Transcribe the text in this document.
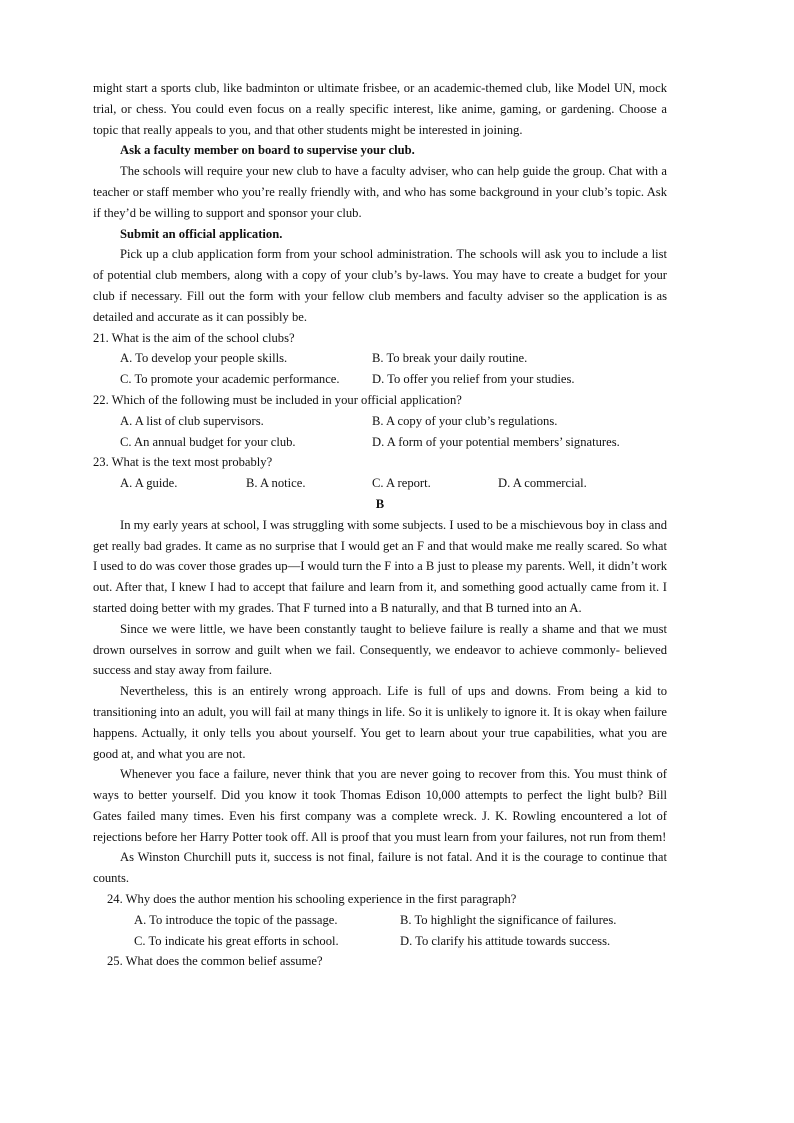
might start a sports club, like badminton or ultimate frisbee, or an academic-themed club, like Model UN, mock trial, or chess. You could even focus on a really specific interest, like anime, gaming, or gardening. Choose a topic that really appeals to you, and that other students might be interested in joining.

Ask a faculty member on board to supervise your club.

The schools will require your new club to have a faculty adviser, who can help guide the group. Chat with a teacher or staff member who you’re really friendly with, and who has some background in your club’s topic. Ask if they’d be willing to support and sponsor your club.

Submit an official application.

Pick up a club application form from your school administration. The schools will ask you to include a list of potential club members, along with a copy of your club’s by-laws. You may have to create a budget for your club if necessary. Fill out the form with your fellow club members and faculty adviser so the application is as detailed and accurate as it can possibly be.

21. What is the aim of the school clubs?

A. To develop your people skills.	B. To break your daily routine.
C. To promote your academic performance.	D. To offer you relief from your studies.

22. Which of the following must be included in your official application?

A. A list of club supervisors.	B. A copy of your club’s regulations.
C. An annual budget for your club.	D. A form of your potential members’ signatures.

23. What is the text most probably?

A. A guide.	B. A notice.	C. A report.	D. A commercial.

B

In my early years at school, I was struggling with some subjects. I used to be a mischievous boy in class and get really bad grades. It came as no surprise that I would get an F and that would make me really scared. So what I used to do was cover those grades up—I would turn the F into a B just to please my parents. Well, it didn’t work out. After that, I knew I had to accept that failure and learn from it, and something good actually came from it. I started doing better with my grades. That F turned into a B naturally, and that B turned into an A.

Since we were little, we have been constantly taught to believe failure is really a shame and that we must drown ourselves in sorrow and guilt when we fail. Consequently, we endeavor to achieve commonly- believed success and stay away from failure.

Nevertheless, this is an entirely wrong approach. Life is full of ups and downs. From being a kid to transitioning into an adult, you will fail at many things in life. So it is unlikely to ignore it. It is okay when failure happens. Actually, it only tells you about yourself. You get to learn about your true capabilities, what you are good at, and what you are not.

Whenever you face a failure, never think that you are never going to recover from this. You must think of ways to better yourself. Did you know it took Thomas Edison 10,000 attempts to perfect the light bulb? Bill Gates failed many times. Even his first company was a complete wreck. J. K. Rowling encountered a lot of rejections before her Harry Potter took off. All is proof that you must learn from your failures, not run from them!

As Winston Churchill puts it, success is not final, failure is not fatal. And it is the courage to continue that counts.

24. Why does the author mention his schooling experience in the first paragraph?

A. To introduce the topic of the passage.	B. To highlight the significance of failures.
C. To indicate his great efforts in school.	D. To clarify his attitude towards success.

25. What does the common belief assume?
